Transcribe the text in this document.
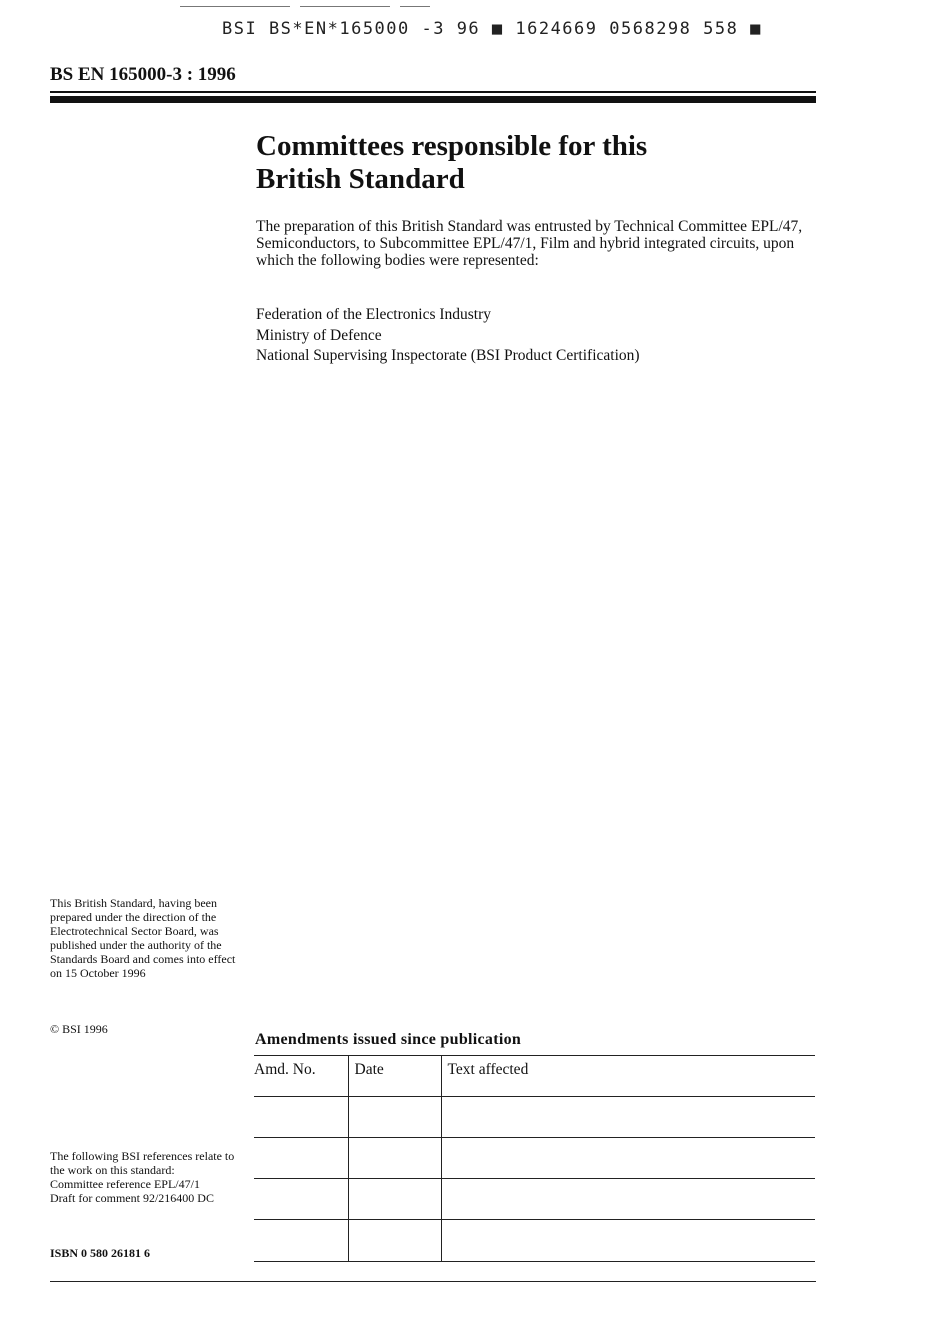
BSI BS*EN*165000 -3 96 ■ 1624669 0568298 558 ■
BS EN 165000-3 : 1996
Committees responsible for this
British Standard
The preparation of this British Standard was entrusted by Technical Committee EPL/47, Semiconductors, to Subcommittee EPL/47/1, Film and hybrid integrated circuits, upon which the following bodies were represented:
Federation of the Electronics Industry
Ministry of Defence
National Supervising Inspectorate (BSI Product Certification)
This British Standard, having been prepared under the direction of the Electrotechnical Sector Board, was published under the authority of the Standards Board and comes into effect on 15 October 1996
© BSI 1996
Amendments issued since publication
Amd. No.	Date	Text affected

The following BSI references relate to the work on this standard:
Committee reference EPL/47/1
Draft for comment 92/216400 DC
ISBN 0 580 26181 6
